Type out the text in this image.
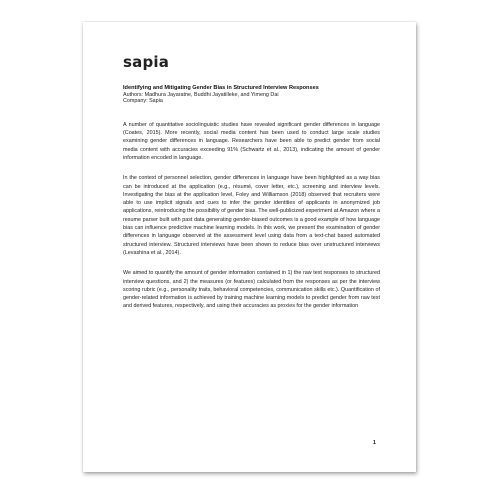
sapia
Identifying and Mitigating Gender Bias in Structured Interview Responses
Authors: Madhura Jayaratne, Buddhi Jayatilleke, and Yimeng Dai
Company: Sapia

A number of quantitative sociolinguistic studies have revealed significant gender differences in language (Coates, 2015). More recently, social media content has been used to conduct large scale studies examining gender differences in language. Researchers have been able to predict gender from social media content with accuracies exceeding 91% (Schwartz et al., 2013), indicating the amount of gender information encoded in language.

In the context of personnel selection, gender differences in language have been highlighted as a way bias can be introduced at the application (e.g., résumé, cover letter, etc.), screening and interview levels. Investigating the bias at the application level, Foley and Williamson (2018) observed that recruiters were able to use implicit signals and cues to infer the gender identities of applicants in anonymized job applications, reintroducing the possibility of gender bias. The well-publicized experiment at Amazon where a resume parser built with past data generating gender-biased outcomes is a good example of how language bias can influence predictive machine learning models. In this work, we present the examination of gender differences in language observed at the assessment level using data from a text-chat based automated structured interview. Structured interviews have been shown to reduce bias over unstructured interviews (Levashina et al., 2014).

We aimed to quantify the amount of gender information contained in 1) the raw text responses to structured interview questions, and 2) the measures (or features) calculated from the responses as per the interview scoring rubric (e.g., personality traits, behavioral competencies, communication skills etc.). Quantification of gender-related information is achieved by training machine learning models to predict gender from raw text and derived features, respectively, and using their accuracies as proxies for the gender information

1
